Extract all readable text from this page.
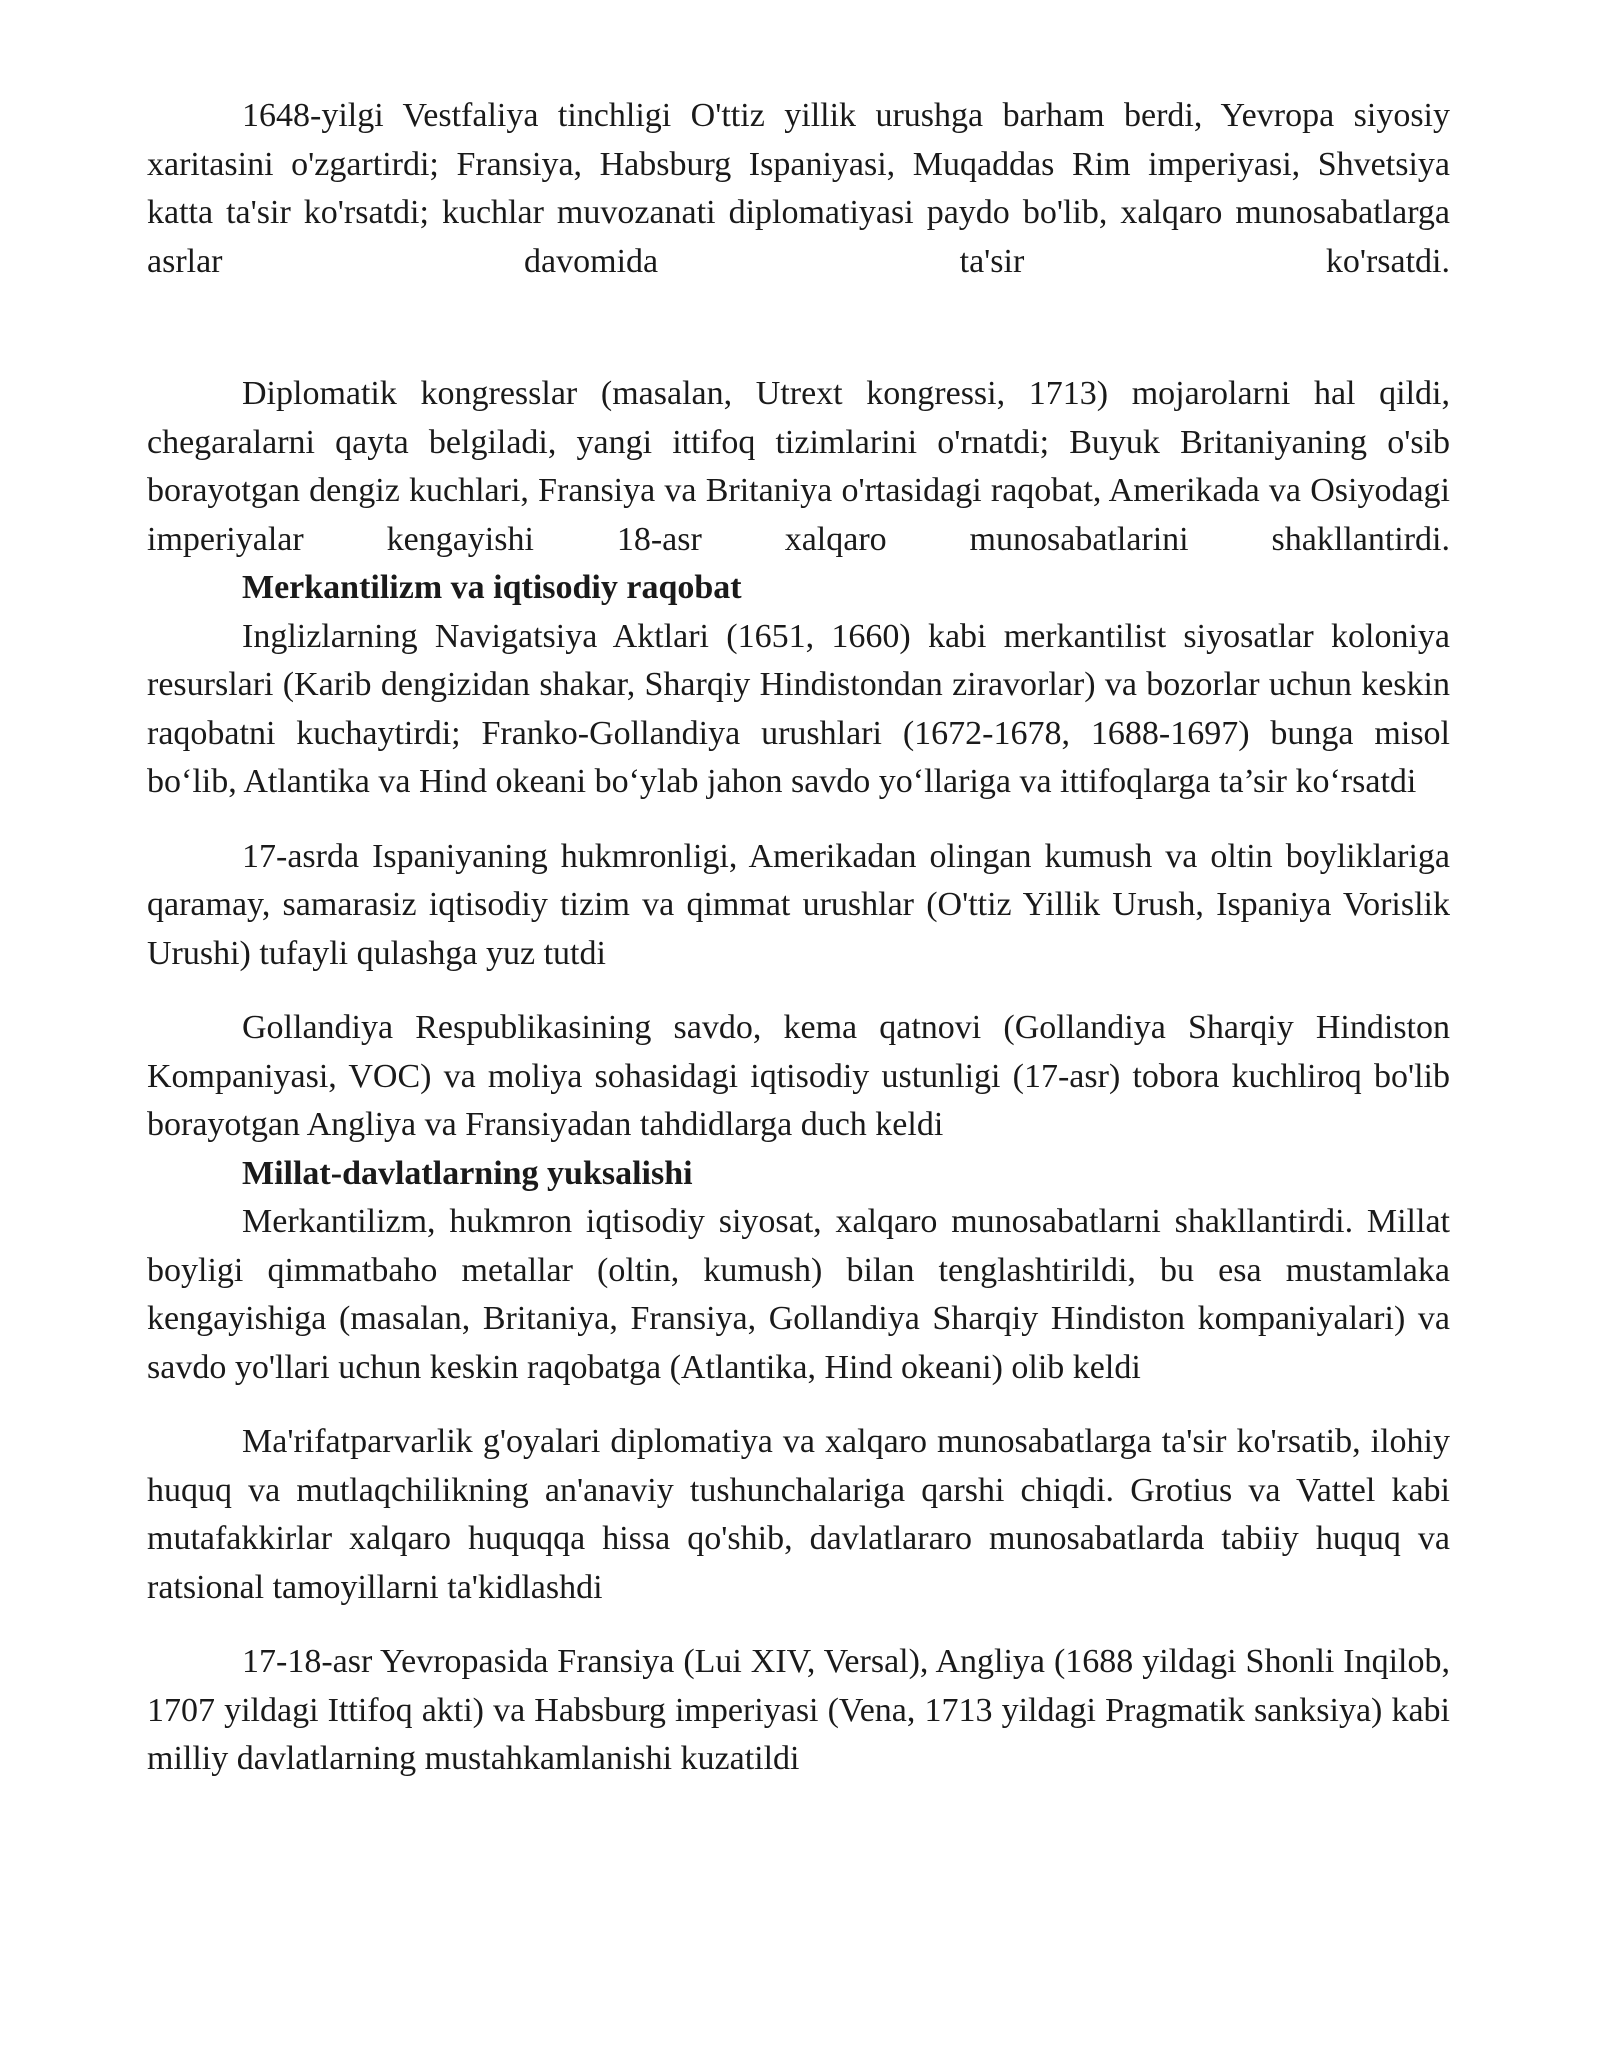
1648-yilgi Vestfaliya tinchligi O'ttiz yillik urushga barham berdi, Yevropa siyosiy xaritasini o'zgartirdi; Fransiya, Habsburg Ispaniyasi, Muqaddas Rim imperiyasi, Shvetsiya katta ta'sir ko'rsatdi; kuchlar muvozanati diplomatiyasi paydo bo'lib, xalqaro munosabatlarga asrlar davomida ta'sir ko'rsatdi.

Diplomatik kongresslar (masalan, Utrext kongressi, 1713) mojarolarni hal qildi, chegaralarni qayta belgiladi, yangi ittifoq tizimlarini o'rnatdi; Buyuk Britaniyaning o'sib borayotgan dengiz kuchlari, Fransiya va Britaniya o'rtasidagi raqobat, Amerikada va Osiyodagi imperiyalar kengayishi 18-asr xalqaro munosabatlarini shakllantirdi.

Merkantilizm va iqtisodiy raqobat

Inglizlarning Navigatsiya Aktlari (1651, 1660) kabi merkantilist siyosatlar koloniya resurslari (Karib dengizidan shakar, Sharqiy Hindistondan ziravorlar) va bozorlar uchun keskin raqobatni kuchaytirdi; Franko-Gollandiya urushlari (1672-1678, 1688-1697) bunga misol bo‘lib, Atlantika va Hind okeani bo‘ylab jahon savdo yo‘llariga va ittifoqlarga ta’sir ko‘rsatdi

17-asrda Ispaniyaning hukmronligi, Amerikadan olingan kumush va oltin boyliklariga qaramay, samarasiz iqtisodiy tizim va qimmat urushlar (O'ttiz Yillik Urush, Ispaniya Vorislik Urushi) tufayli qulashga yuz tutdi

Gollandiya Respublikasining savdo, kema qatnovi (Gollandiya Sharqiy Hindiston Kompaniyasi, VOC) va moliya sohasidagi iqtisodiy ustunligi (17-asr) tobora kuchliroq bo'lib borayotgan Angliya va Fransiyadan tahdidlarga duch keldi

Millat-davlatlarning yuksalishi

Merkantilizm, hukmron iqtisodiy siyosat, xalqaro munosabatlarni shakllantirdi. Millat boyligi qimmatbaho metallar (oltin, kumush) bilan tenglashtirildi, bu esa mustamlaka kengayishiga (masalan, Britaniya, Fransiya, Gollandiya Sharqiy Hindiston kompaniyalari) va savdo yo'llari uchun keskin raqobatga (Atlantika, Hind okeani) olib keldi

Ma'rifatparvarlik g'oyalari diplomatiya va xalqaro munosabatlarga ta'sir ko'rsatib, ilohiy huquq va mutlaqchilikning an'anaviy tushunchalariga qarshi chiqdi. Grotius va Vattel kabi mutafakkirlar xalqaro huquqqa hissa qo'shib, davlatlararo munosabatlarda tabiiy huquq va ratsional tamoyillarni ta'kidlashdi

17-18-asr Yevropasida Fransiya (Lui XIV, Versal), Angliya (1688 yildagi Shonli Inqilob, 1707 yildagi Ittifoq akti) va Habsburg imperiyasi (Vena, 1713 yildagi Pragmatik sanksiya) kabi milliy davlatlarning mustahkamlanishi kuzatildi
